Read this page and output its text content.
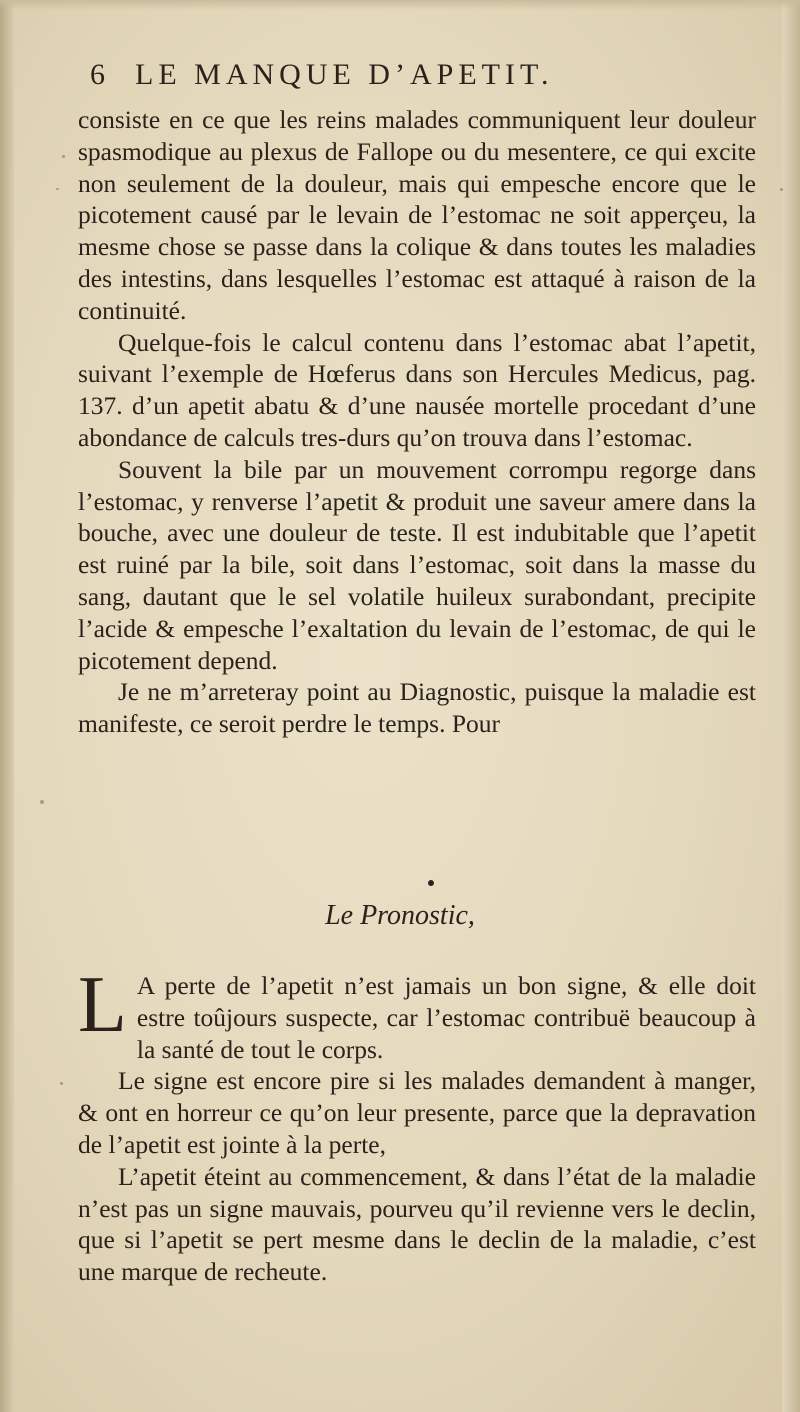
6 LE MANQUE D’APETIT.

consiste en ce que les reins malades communiquent leur douleur spasmodique au plexus de Fallope ou du mesentere, ce qui excite non seulement de la douleur, mais qui empesche encore que le picotement causé par le levain de l’estomac ne soit apperçeu, la mesme chose se passe dans la colique & dans toutes les maladies des intestins, dans lesquelles l’estomac est attaqué à raison de la continuité.

Quelque-fois le calcul contenu dans l’estomac abat l’apetit, suivant l’exemple de Hœferus dans son Hercules Medicus, pag. 137. d’un apetit abatu & d’une nausée mortelle procedant d’une abondance de calculs tres-durs qu’on trouva dans l’estomac.

Souvent la bile par un mouvement corrompu regorge dans l’estomac, y renverse l’apetit & produit une saveur amere dans la bouche, avec une douleur de teste. Il est indubitable que l’apetit est ruiné par la bile, soit dans l’estomac, soit dans la masse du sang, dautant que le sel volatile huileux surabondant, precipite l’acide & empesche l’exaltation du levain de l’estomac, de qui le picotement depend.

Je ne m’arreteray point au Diagnostic, puisque la maladie est manifeste, ce seroit perdre le temps. Pour

Le Pronostic,

L A perte de l’apetit n’est jamais un bon signe, & elle doit estre toûjours suspecte, car l’estomac contribuë beaucoup à la santé de tout le corps.

Le signe est encore pire si les malades demandent à manger, & ont en horreur ce qu’on leur presente, parce que la depravation de l’apetit est jointe à la perte,

L’apetit éteint au commencement, & dans l’état de la maladie n’est pas un signe mauvais, pourveu qu’il revienne vers le declin, que si l’apetit se pert mesme dans le declin de la maladie, c’est une marque de recheute.
